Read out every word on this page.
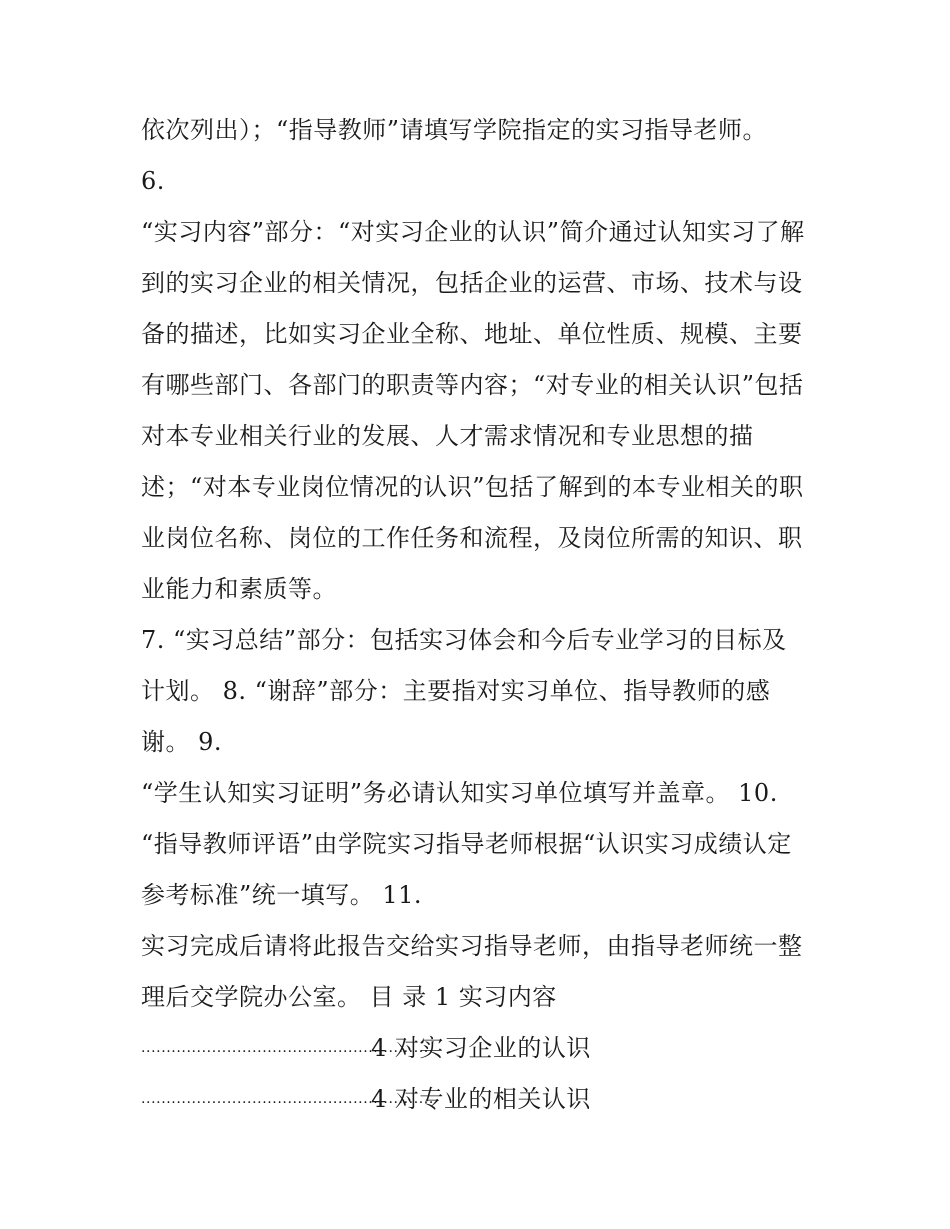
依次列出）；“指导教师”请填写学院指定的实习指导老师。
6.
“实习内容”部分：“对实习企业的认识”简介通过认知实习了解
到的实习企业的相关情况，包括企业的运营、市场、技术与设
备的描述，比如实习企业全称、地址、单位性质、规模、主要
有哪些部门、各部门的职责等内容；“对专业的相关认识”包括
对本专业相关行业的发展、人才需求情况和专业思想的描
述；“对本专业岗位情况的认识”包括了解到的本专业相关的职
业岗位名称、岗位的工作任务和流程，及岗位所需的知识、职
业能力和素质等。
7. “实习总结”部分：包括实习体会和今后专业学习的目标及
计划。 8. “谢辞”部分：主要指对实习单位、指导教师的感
谢。 9.
“学生认知实习证明”务必请认知实习单位填写并盖章。 10.
“指导教师评语”由学院实习指导老师根据“认识实习成绩认定
参考标准”统一填写。 11.
实习完成后请将此报告交给实习指导老师，由指导老师统一整
理后交学院办公室。 目 录 1 实习内容
..........................................................4 对实习企业的认识
..........................................................4 对专业的相关认识
